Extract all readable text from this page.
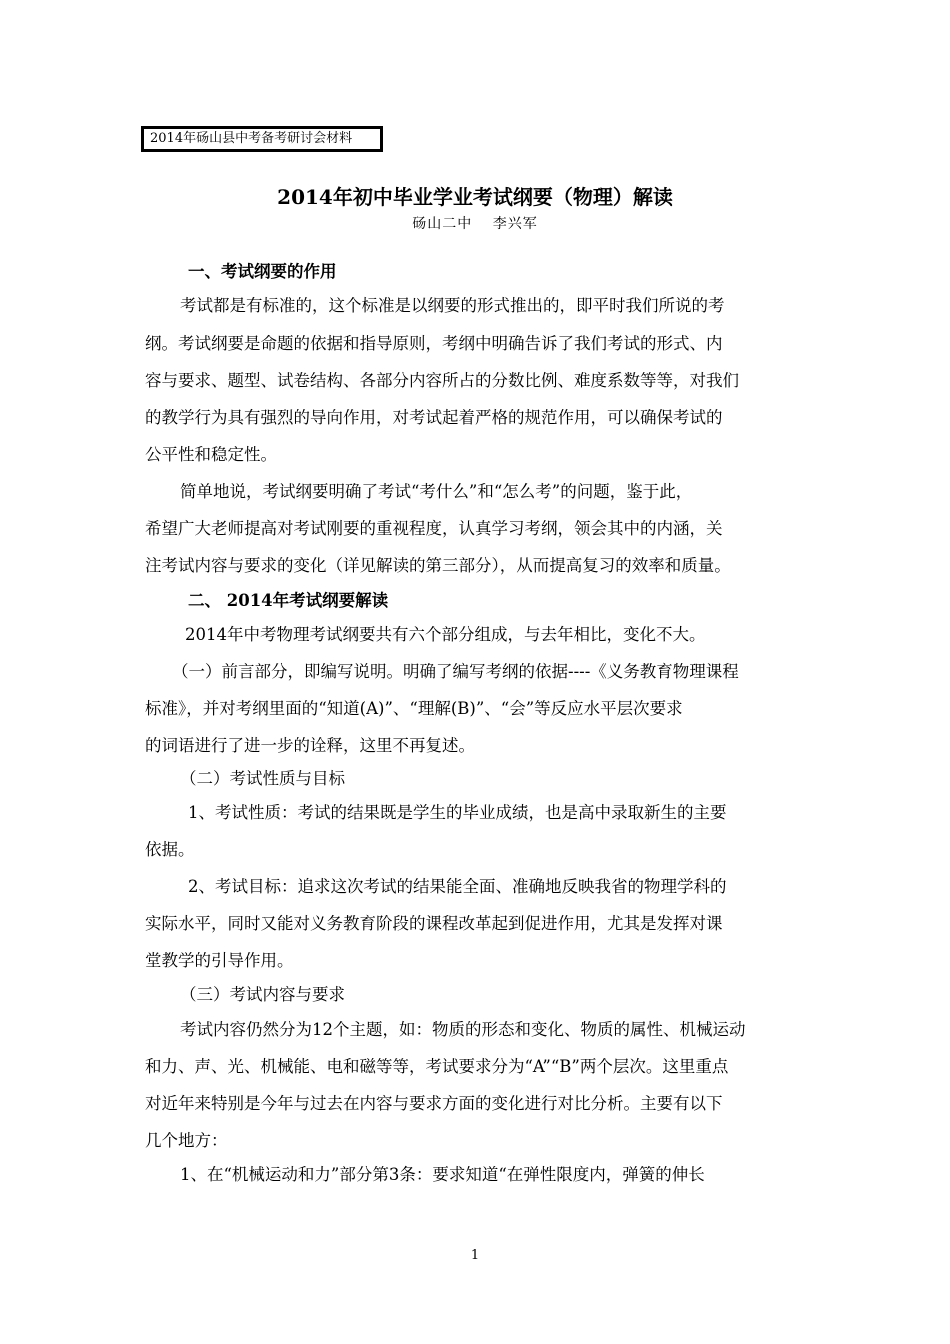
2014年砀山县中考备考研讨会材料
2014年初中毕业学业考试纲要（物理）解读
砀山二中　 李兴军
一、考试纲要的作用
考试都是有标准的，这个标准是以纲要的形式推出的，即平时我们所说的考
纲。考试纲要是命题的依据和指导原则，考纲中明确告诉了我们考试的形式、内
容与要求、题型、试卷结构、各部分内容所占的分数比例、难度系数等等，对我们
的教学行为具有强烈的导向作用，对考试起着严格的规范作用，可以确保考试的
公平性和稳定性。
简单地说，考试纲要明确了考试“考什么”和“怎么考”的问题，鉴于此，
希望广大老师提高对考试刚要的重视程度，认真学习考纲，领会其中的内涵，关
注考试内容与要求的变化（详见解读的第三部分），从而提高复习的效率和质量。
二、 2014年考试纲要解读
2014年中考物理考试纲要共有六个部分组成，与去年相比，变化不大。
（一）前言部分，即编写说明。明确了编写考纲的依据----《义务教育物理课程
标准》，并对考纲里面的“知道(A)”、“理解(B)”、“会”等反应水平层次要求
的词语进行了进一步的诠释，这里不再复述。
（二）考试性质与目标
1、考试性质：考试的结果既是学生的毕业成绩，也是高中录取新生的主要
依据。
2、考试目标：追求这次考试的结果能全面、准确地反映我省的物理学科的
实际水平，同时又能对义务教育阶段的课程改革起到促进作用，尤其是发挥对课
堂教学的引导作用。
（三）考试内容与要求
考试内容仍然分为12个主题，如：物质的形态和变化、物质的属性、机械运动
和力、声、光、机械能、电和磁等等，考试要求分为“A”“B”两个层次。这里重点
对近年来特别是今年与过去在内容与要求方面的变化进行对比分析。主要有以下
几个地方：
1、在“机械运动和力”部分第3条：要求知道“在弹性限度内，弹簧的伸长
1
